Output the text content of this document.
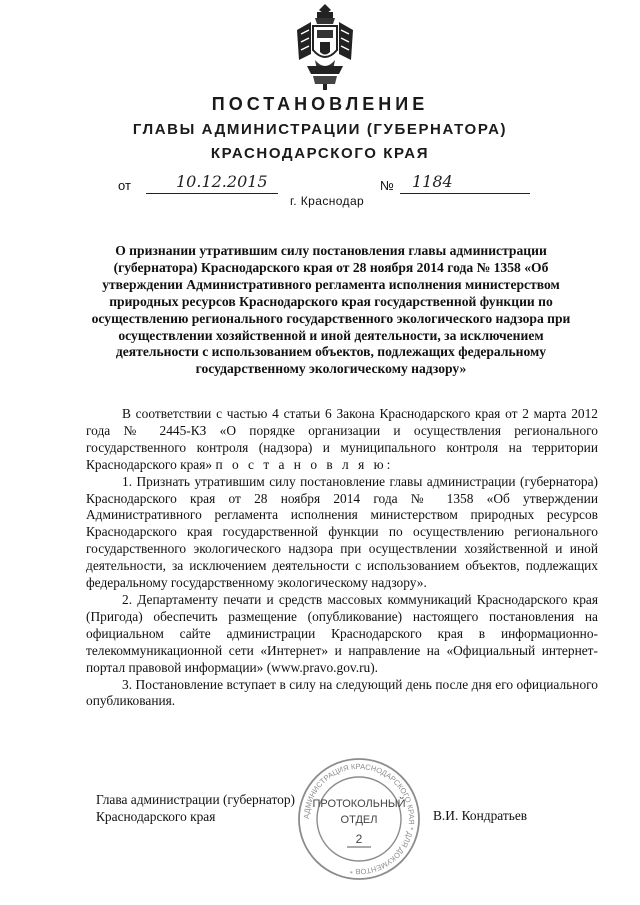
ПОСТАНОВЛЕНИЕ
ГЛАВЫ АДМИНИСТРАЦИИ (ГУБЕРНАТОРА)
КРАСНОДАРСКОГО КРАЯ
от	10.12.2015	№ 1184
г. Краснодар
О признании утратившим силу постановления главы администрации (губернатора) Краснодарского края от 28 ноября 2014 года № 1358 «Об утверждении Административного регламента исполнения министерством природных ресурсов Краснодарского края государственной функции по осуществлению регионального государственного экологического надзора при осуществлении хозяйственной и иной деятельности, за исключением деятельности с использованием объектов, подлежащих федеральному государственному экологическому надзору»

В соответствии с частью 4 статьи 6 Закона Краснодарского края от 2 марта 2012 года № 2445-КЗ «О порядке организации и осуществления регионального государственного контроля (надзора) и муниципального контроля на территории Краснодарского края» п о с т а н о в л я ю:

1. Признать утратившим силу постановление главы администрации (губернатора) Краснодарского края от 28 ноября 2014 года № 1358 «Об утверждении Административного регламента исполнения министерством природных ресурсов Краснодарского края государственной функции по осуществлению регионального государственного экологического надзора при осуществлении хозяйственной и иной деятельности, за исключением деятельности с использованием объектов, подлежащих федеральному государственному экологическому надзору».

2. Департаменту печати и средств массовых коммуникаций Краснодарского края (Пригода) обеспечить размещение (опубликование) настоящего постановления на официальном сайте администрации Краснодарского края в информационно-телекоммуникационной сети «Интернет» и направление на «Официальный интернет-портал правовой информации» (www.pravo.gov.ru).

3. Постановление вступает в силу на следующий день после дня его официального опубликования.

Глава администрации (губернатор)
Краснодарского края	В.И. Кондратьев
АДМИНИСТРАЦИЯ КРАСНОДАРСКОГО КРАЯ * ДЛЯ ДОКУМЕНТОВ *
ПРОТОКОЛЬНЫЙ
ОТДЕЛ
2
